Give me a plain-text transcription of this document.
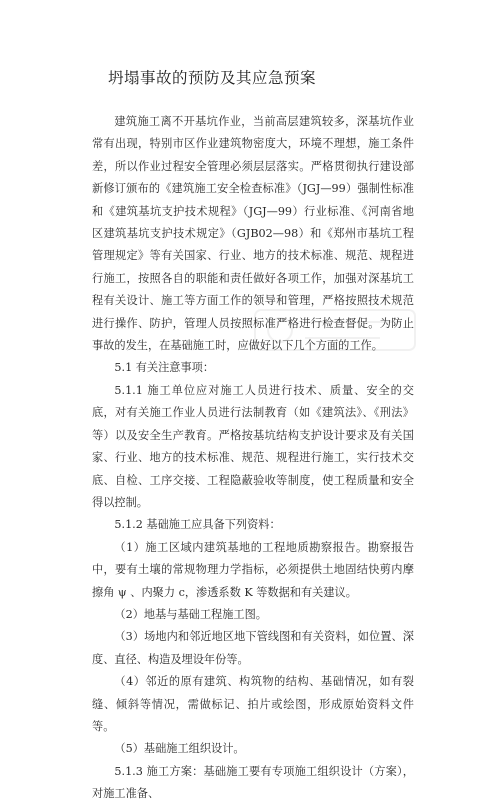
坍塌事故的预防及其应急预案

建筑施工离不开基坑作业，当前高层建筑较多，深基坑作业常有出现，特别市区作业建筑物密度大，环境不理想，施工条件差，所以作业过程安全管理必须层层落实。严格贯彻执行建设部新修订颁布的《建筑施工安全检查标准》（JGJ—99）强制性标准和《建筑基坑支护技术规程》（JGJ—99）行业标准、《河南省地区建筑基坑支护技术规定》（GJB02—98）和《郑州市基坑工程管理规定》等有关国家、行业、地方的技术标准、规范、规程进行施工，按照各自的职能和责任做好各项工作，加强对深基坑工程有关设计、施工等方面工作的领导和管理，严格按照技术规范进行操作、防护，管理人员按照标准严格进行检查督促。为防止事故的发生，在基础施工时，应做好以下几个方面的工作。

5.1 有关注意事项：

5.1.1 施工单位应对施工人员进行技术、质量、安全的交底，对有关施工作业人员进行法制教育（如《建筑法》、《刑法》等）以及安全生产教育。严格按基坑结构支护设计要求及有关国家、行业、地方的技术标准、规范、规程进行施工，实行技术交底、自检、工序交接、工程隐蔽验收等制度，使工程质量和安全得以控制。

5.1.2 基础施工应具备下列资料：

（1）施工区域内建筑基地的工程地质勘察报告。勘察报告中，要有土壤的常规物理力学指标，必须提供土地固结快剪内摩擦角 ψ 、内聚力 c，渗透系数 K 等数据和有关建议。

（2）地基与基础工程施工图。

（3）场地内和邻近地区地下管线图和有关资料，如位置、深度、直径、构造及埋设年份等。

（4）邻近的原有建筑、构筑物的结构、基础情况，如有裂缝、倾斜等情况，需做标记、拍片或绘图，形成原始资料文件等。

（5）基础施工组织设计。

5.1.3 施工方案：基础施工要有专项施工组织设计（方案），对施工准备、
